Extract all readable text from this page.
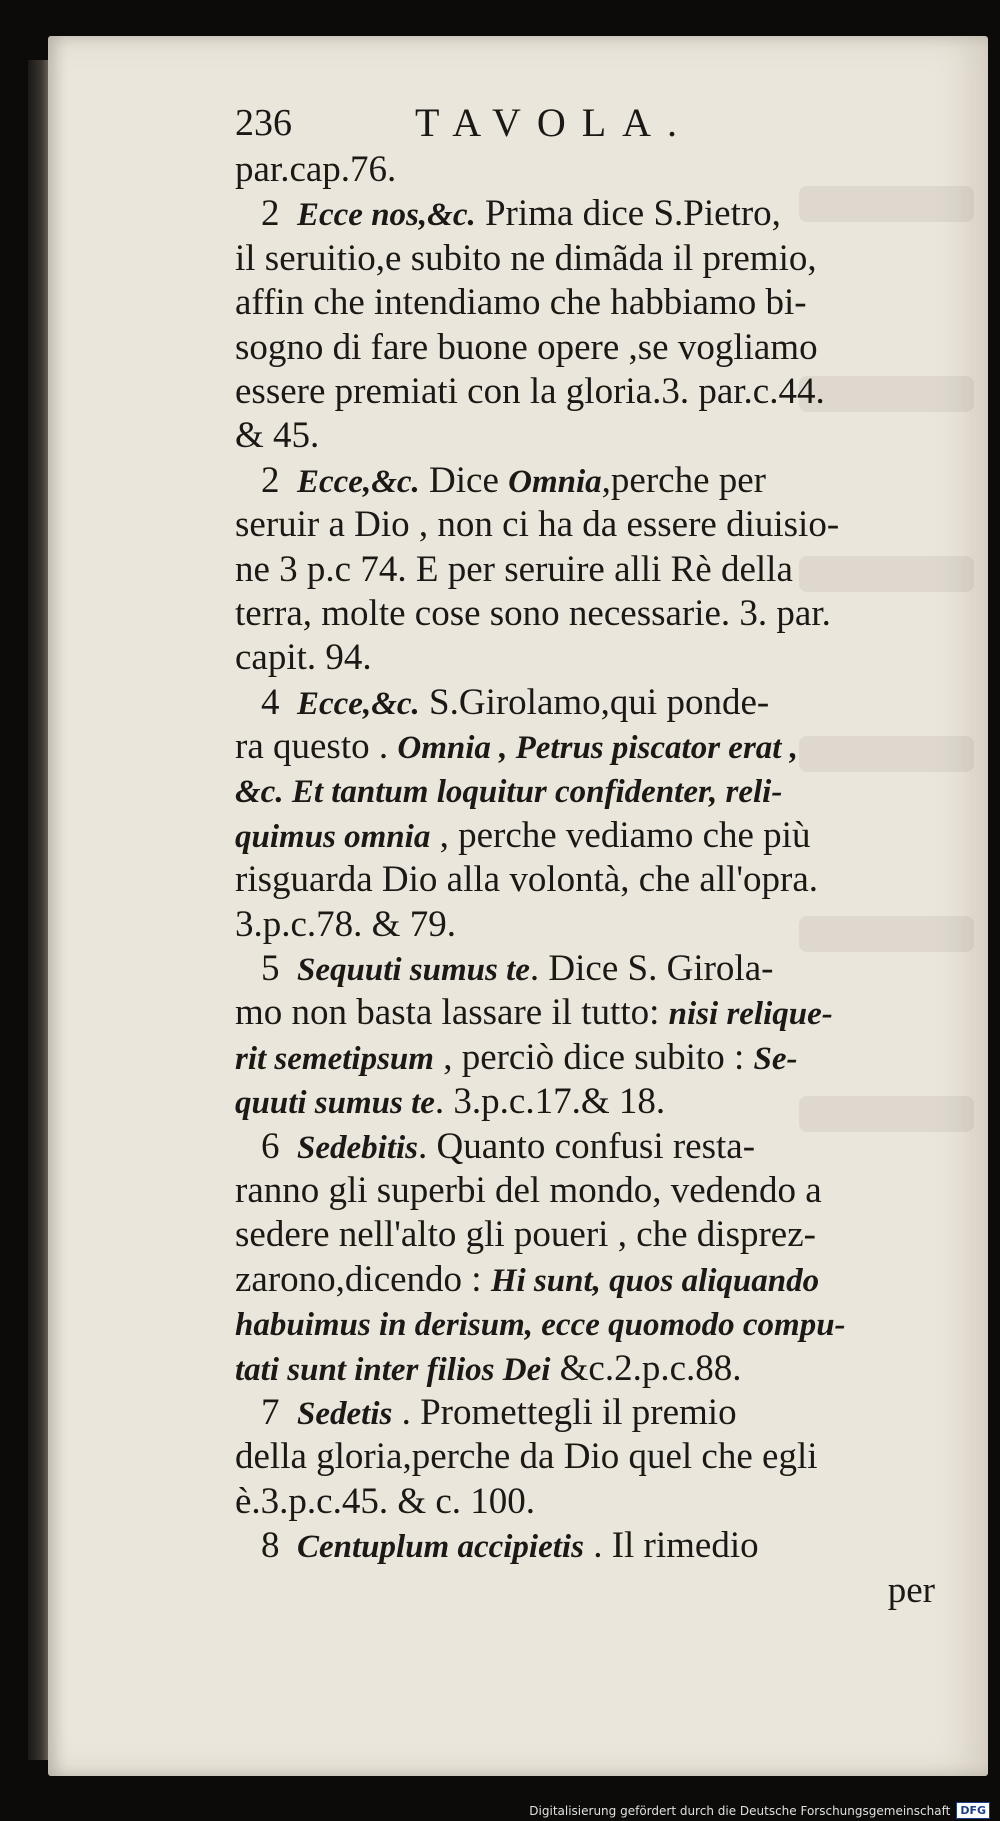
236	TAVOLA.
par.cap.76.
2 Ecce nos,&c. Prima dice S.Pietro,
il seruitio,e subito ne dimãda il premio,
affin che intendiamo che habbiamo bi-
sogno di fare buone opere ,se vogliamo
essere premiati con la gloria.3. par.c.44.
& 45.
2 Ecce,&c. Dice Omnia,perche per
seruir a Dio , non ci ha da essere diuisio-
ne 3 p.c 74. E per seruire alli Rè della
terra, molte cose sono necessarie. 3. par.
capit. 94.
4 Ecce,&c. S.Girolamo,qui ponde-
ra questo . Omnia , Petrus piscator erat ,
&c. Et tantum loquitur confidenter, reli-
quimus omnia , perche vediamo che più
risguarda Dio alla volontà, che all'opra.
3.p.c.78. & 79.
5 Sequuti sumus te. Dice S. Girola-
mo non basta lassare il tutto: nisi relique-
rit semetipsum , perciò dice subito : Se-
quuti sumus te. 3.p.c.17.& 18.
6 Sedebitis. Quanto confusi resta-
ranno gli superbi del mondo, vedendo a
sedere nell'alto gli poueri , che disprez-
zarono,dicendo : Hi sunt, quos aliquando
habuimus in derisum, ecce quomodo compu-
tati sunt inter filios Dei &c.2.p.c.88.
7 Sedetis . Promettegli il premio
della gloria,perche da Dio quel che egli
è.3.p.c.45. & c. 100.
8 Centuplum accipietis . Il rimedio
per
Digitalisierung gefördert durch die Deutsche Forschungsgemeinschaft DFG
